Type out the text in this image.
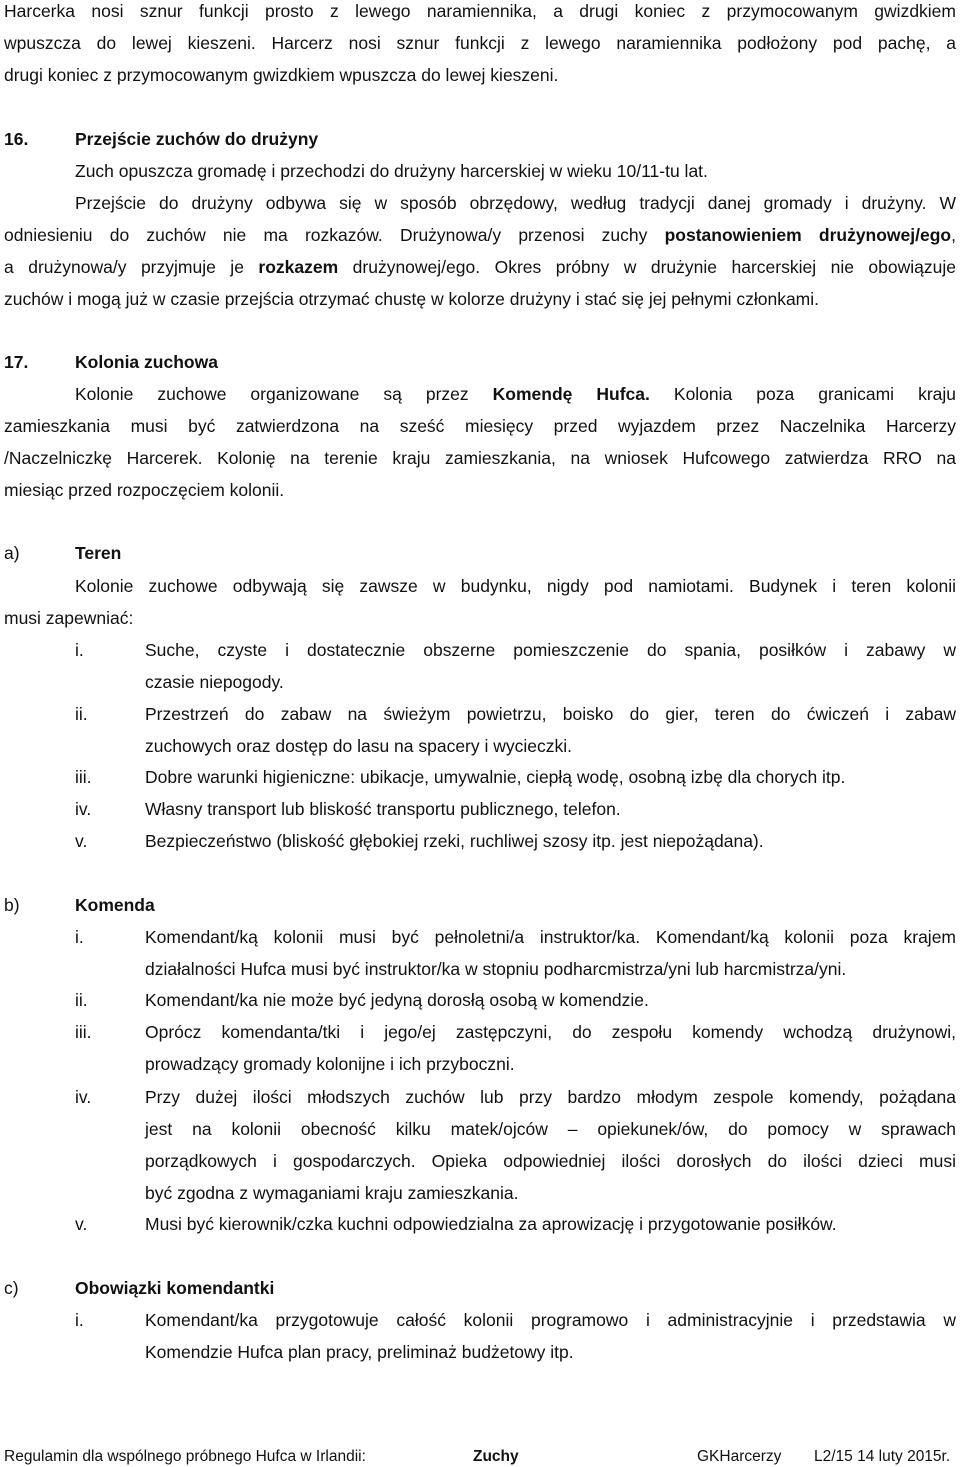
Harcerka nosi sznur funkcji prosto z lewego naramiennika, a drugi koniec z przymocowanym gwizdkiem
wpuszcza do lewej kieszeni. Harcerz nosi sznur funkcji z lewego naramiennika podłożony pod pachę, a
drugi koniec z przymocowanym gwizdkiem wpuszcza do lewej kieszeni.
16.	Przejście zuchów do drużyny
Zuch opuszcza gromadę i przechodzi do drużyny harcerskiej w wieku 10/11-tu lat.
Przejście do drużyny odbywa się w sposób obrzędowy, według tradycji danej gromady i drużyny. W
odniesieniu do zuchów nie ma rozkazów. Drużynowa/y przenosi zuchy postanowieniem drużynowej/ego,
a drużynowa/y przyjmuje je rozkazem drużynowej/ego. Okres próbny w drużynie harcerskiej nie obowiązuje
zuchów i mogą już w czasie przejścia otrzymać chustę w kolorze drużyny i stać się jej pełnymi członkami.
17.	Kolonia zuchowa
Kolonie zuchowe organizowane są przez Komendę Hufca. Kolonia poza granicami kraju
zamieszkania musi być zatwierdzona na sześć miesięcy przed wyjazdem przez Naczelnika Harcerzy
/Naczelniczkę Harcerek. Kolonię na terenie kraju zamieszkania, na wniosek Hufcowego zatwierdza RRO na
miesiąc przed rozpoczęciem kolonii.
a)	Teren
Kolonie zuchowe odbywają się zawsze w budynku, nigdy pod namiotami. Budynek i teren kolonii
musi zapewniać:
i.	Suche, czyste i dostatecznie obszerne pomieszczenie do spania, posiłków i zabawy w
czasie niepogody.
ii.	Przestrzeń do zabaw na świeżym powietrzu, boisko do gier, teren do ćwiczeń i zabaw
zuchowych oraz dostęp do lasu na spacery i wycieczki.
iii.	Dobre warunki higieniczne: ubikacje, umywalnie, ciepłą wodę, osobną izbę dla chorych itp.
iv.	Własny transport lub bliskość transportu publicznego, telefon.
v.	Bezpieczeństwo (bliskość głębokiej rzeki, ruchliwej szosy itp. jest niepożądana).
b)	Komenda
i.	Komendant/ką kolonii musi być pełnoletni/a instruktor/ka. Komendant/ką kolonii poza krajem
działalności Hufca musi być instruktor/ka w stopniu podharcmistrza/yni lub harcmistrza/yni.
ii.	Komendant/ka nie może być jedyną dorosłą osobą w komendzie.
iii.	Oprócz komendanta/tki i jego/ej zastępczyni, do zespołu komendy wchodzą drużynowi,
prowadzący gromady kolonijne i ich przyboczni.
iv.	Przy dużej ilości młodszych zuchów lub przy bardzo młodym zespole komendy, pożądana
jest na kolonii obecność kilku matek/ojców – opiekunek/ów, do pomocy w sprawach
porządkowych i gospodarczych. Opieka odpowiedniej ilości dorosłych do ilości dzieci musi
być zgodna z wymaganiami kraju zamieszkania.
v.	Musi być kierownik/czka kuchni odpowiedzialna za aprowizację i przygotowanie posiłków.
c)	Obowiązki komendantki
i.	Komendant/ka przygotowuje całość kolonii programowo i administracyjnie i przedstawia w
Komendzie Hufca plan pracy, preliminaż budżetowy itp.
Regulamin dla wspólnego próbnego Hufca w Irlandii:	Zuchy	GKHarcerzy L2/15 14 luty 2015r.
